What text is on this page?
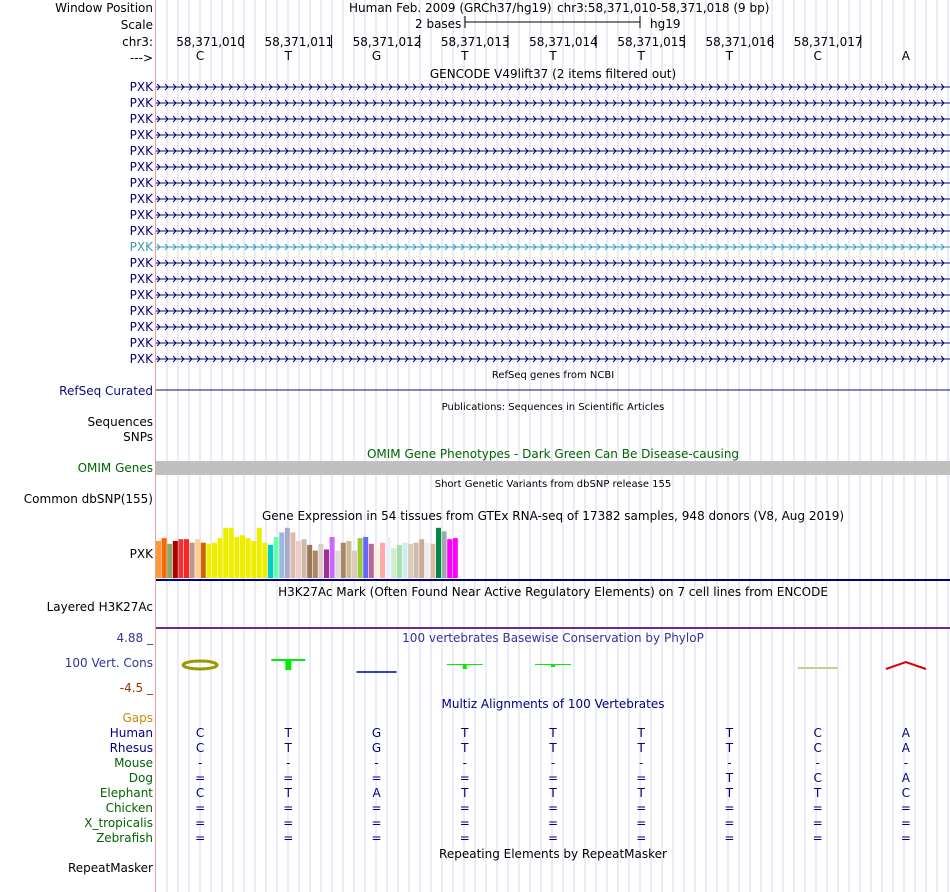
Window Position
Scale
chr3:
--->
Human Feb. 2009 (GRCh37/hg19) chr3:58,371,010-58,371,018 (9 bp)
2 bases	hg19
58,371,010 58,371,011 58,371,012 58,371,013 58,371,014 58,371,015 58,371,016 58,371,017
C	T	G	T	T	T	T	C	A
GENCODE V49lift37 (2 items filtered out)
PXK
PXK
PXK
PXK
PXK
PXK
PXK
PXK
PXK
PXK
PXK
PXK
PXK
PXK
PXK
PXK
PXK
PXK
RefSeq genes from NCBI
RefSeq Curated
Publications: Sequences in Scientific Articles
Sequences
SNPs
OMIM Gene Phenotypes - Dark Green Can Be Disease-causing
OMIM Genes
Short Genetic Variants from dbSNP release 155
Common dbSNP(155)
Gene Expression in 54 tissues from GTEx RNA-seq of 17382 samples, 948 donors (V8, Aug 2019)
PXK
H3K27Ac Mark (Often Found Near Active Regulatory Elements) on 7 cell lines from ENCODE
Layered H3K27Ac
100 vertebrates Basewise Conservation by PhyloP
4.88 _
100 Vert. Cons
-4.5 _
Multiz Alignments of 100 Vertebrates
Gaps
Human	C	T	G	T	T	T	T	C	A
Rhesus	C	T	G	T	T	T	T	C	A
Mouse	-	-	-	-	-	-	-	-	-
Dog	=	=	=	=	=	=	T	C	A
Elephant	C	T	A	T	T	T	T	T	C
Chicken	=	=	=	=	=	=	=	=	=
X_tropicalis	=	=	=	=	=	=	=	=	=
Zebrafish	=	=	=	=	=	=	=	=	=
Repeating Elements by RepeatMasker
RepeatMasker
